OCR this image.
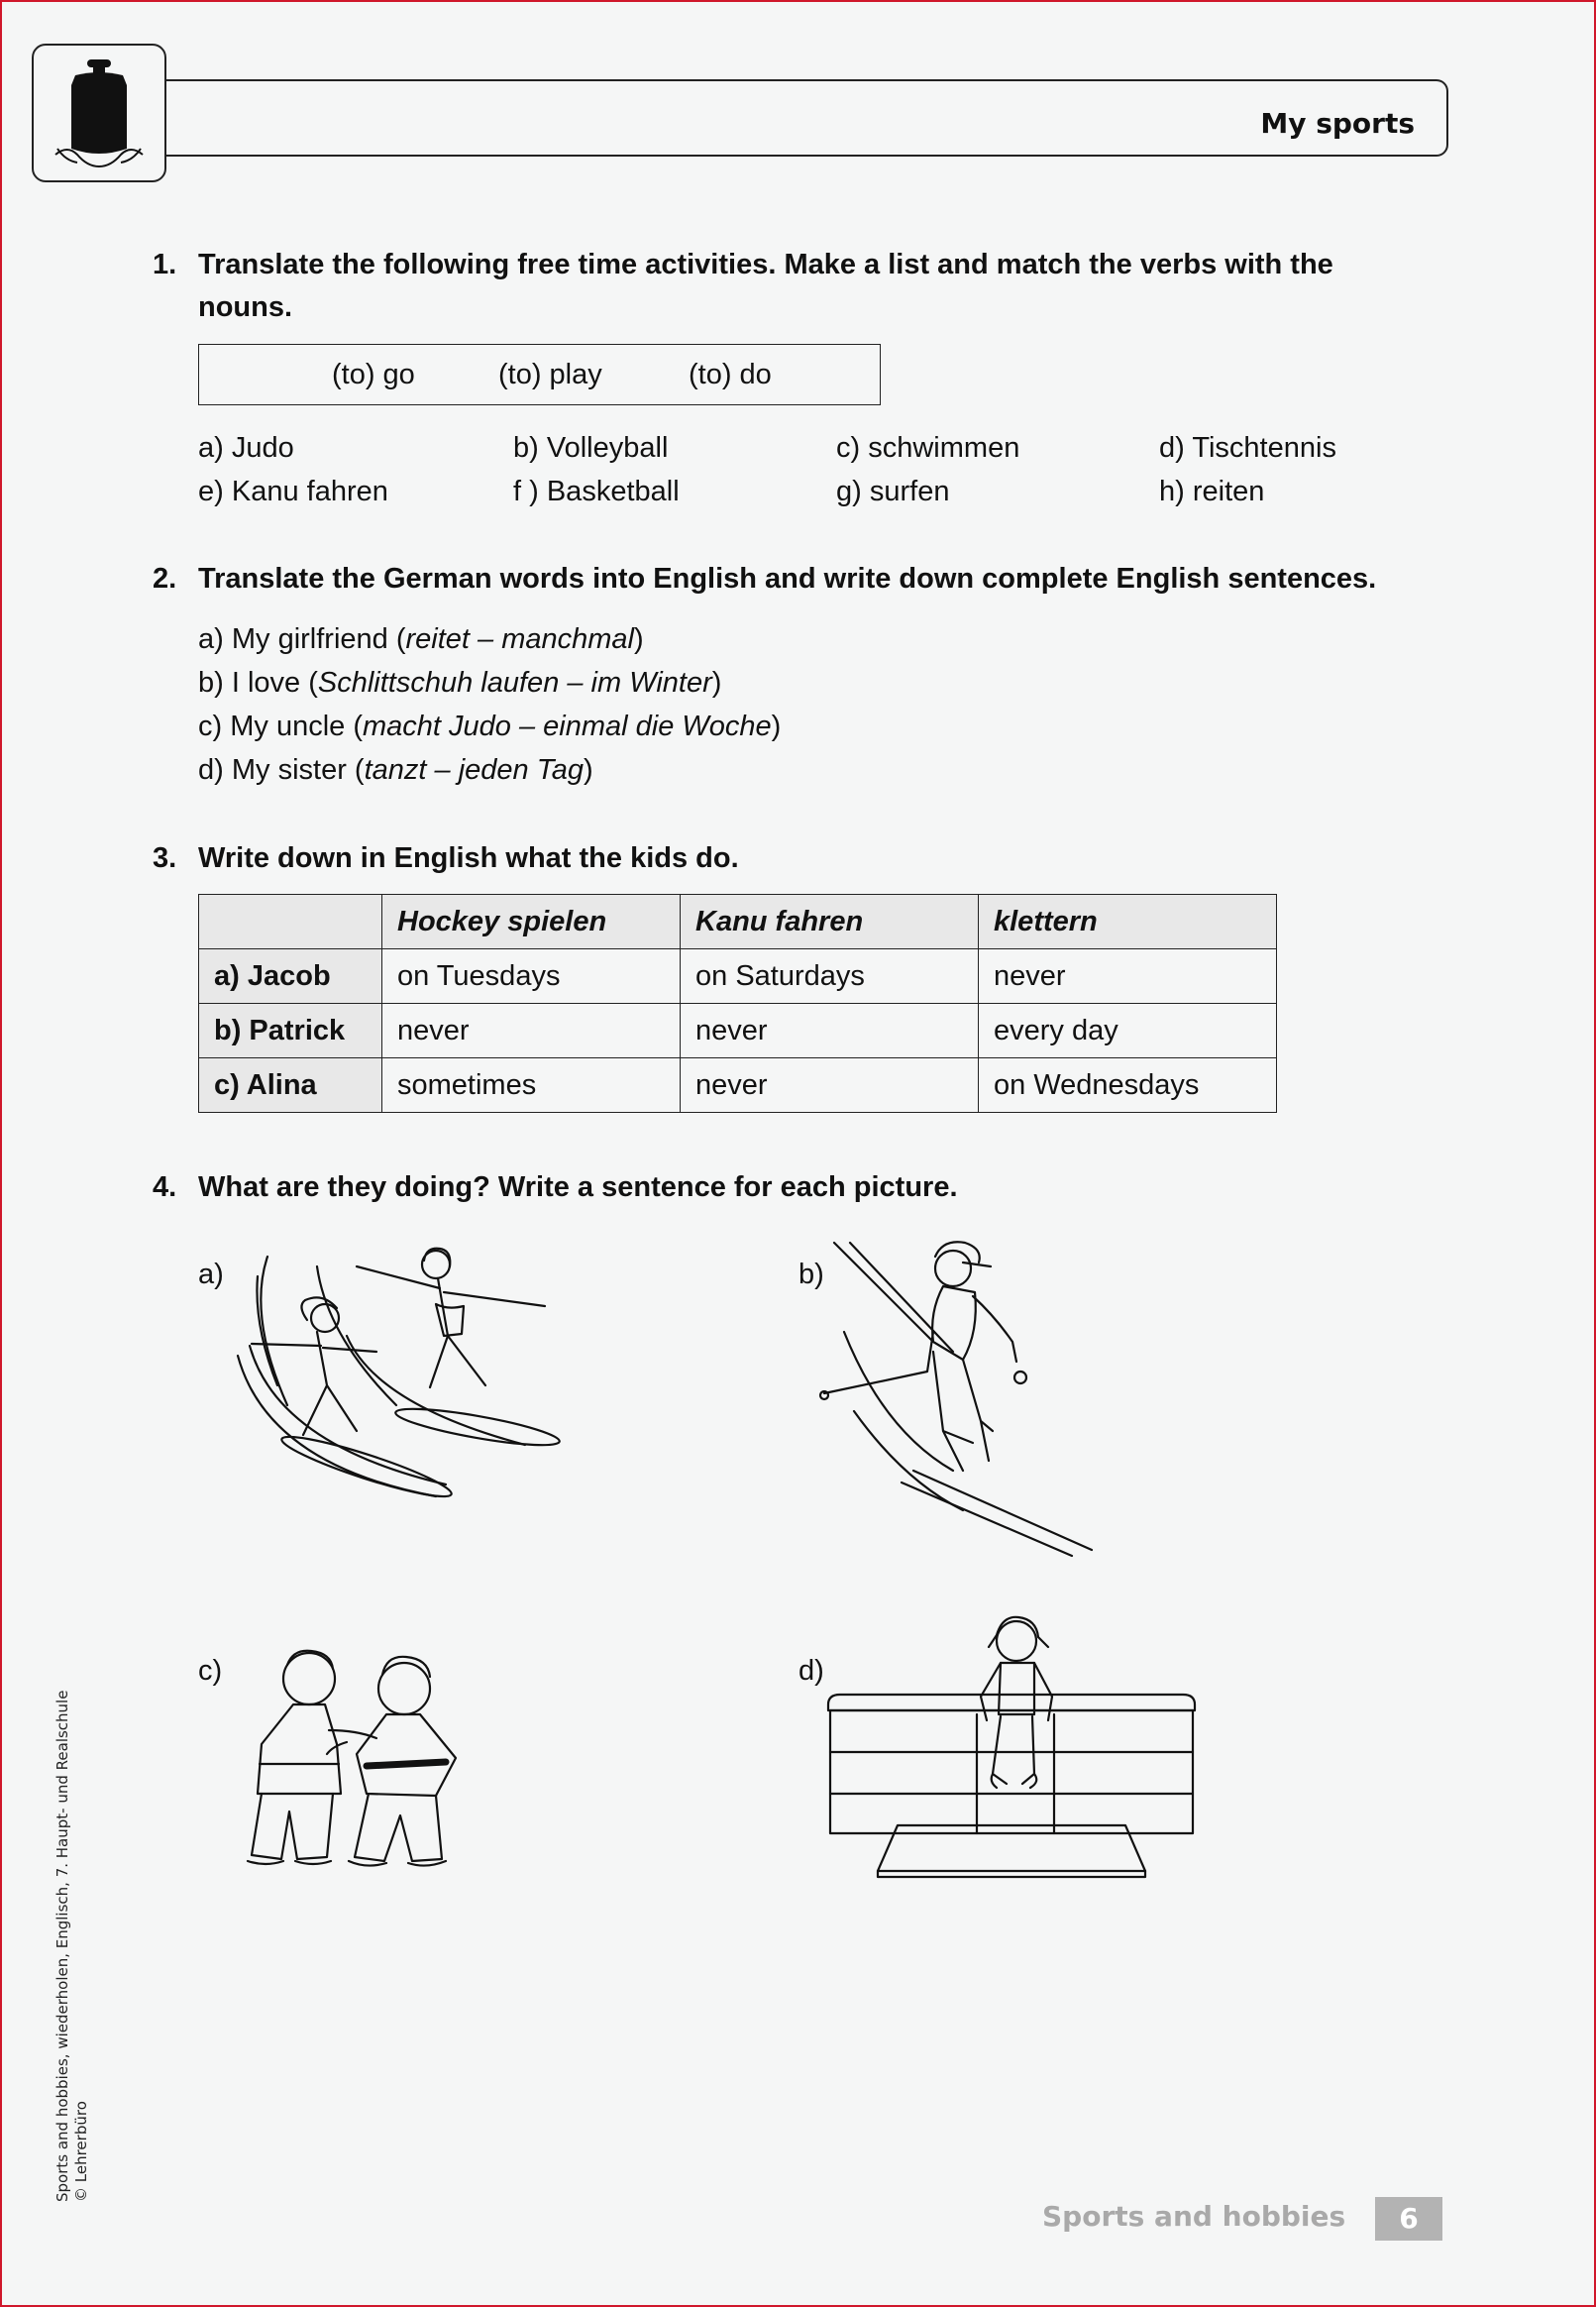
My sports
1. Translate the following free time activities. Make a list and match the verbs with the
nouns.
(to) go	(to) play	(to) do
a) Judo	b) Volleyball	c) schwimmen	d) Tischtennis
e) Kanu fahren	f ) Basketball	g) surfen	h) reiten
2. Translate the German words into English and write down complete English sentences.
a) My girlfriend (reitet – manchmal)
b) I love (Schlittschuh laufen – im Winter)
c) My uncle (macht Judo – einmal die Woche)
d) My sister (tanzt – jeden Tag)
3. Write down in English what the kids do.
	Hockey spielen	Kanu fahren	klettern
a) Jacob	on Tuesdays	on Saturdays	never
b) Patrick	never	never	every day
c) Alina	sometimes	never	on Wednesdays
4. What are they doing? Write a sentence for each picture.
a)	b)
c)	d)
Sports and hobbies, wiederholen, Englisch, 7. Haupt- und Realschule © Lehrerbüro
Sports and hobbies	6
